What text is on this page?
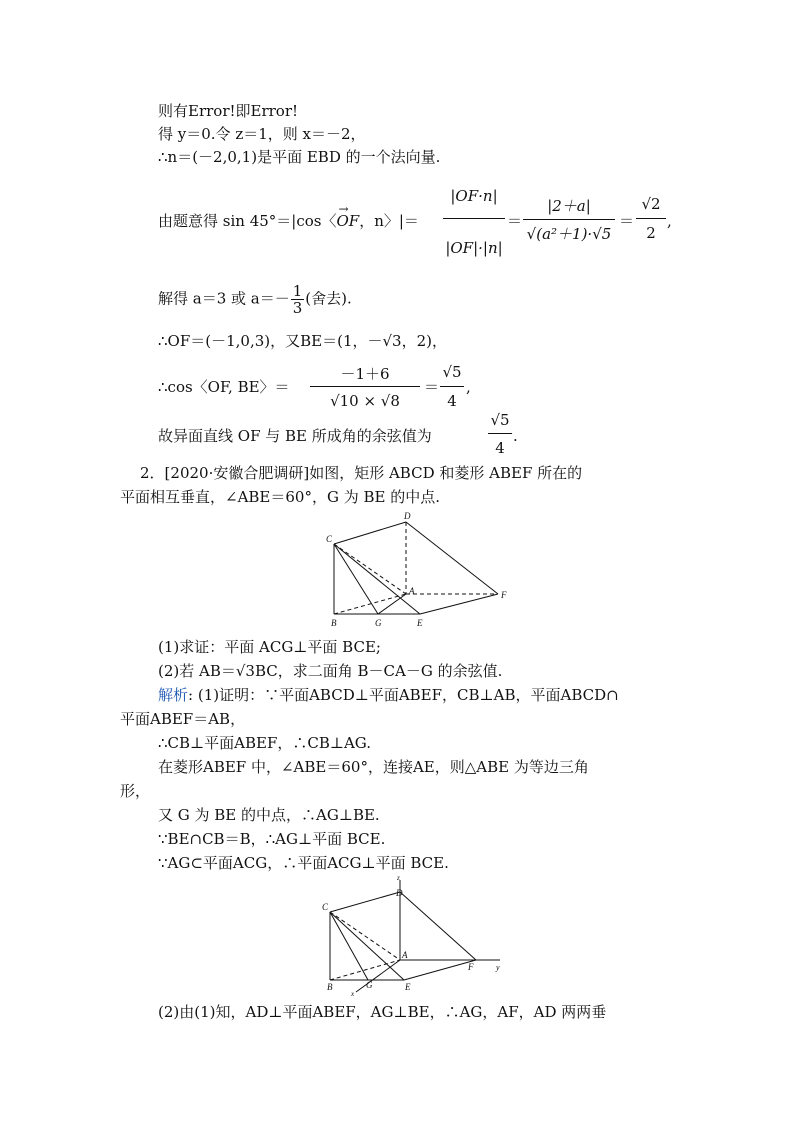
则有Error!即Error!
得 y＝0.令 z＝1，则 x＝－2，
∴n＝(－2,0,1)是平面 EBD 的一个法向量.
由题意得 sin 45°＝|cos〈
→
OF，n〉|＝
|OF·n|
|OF|·|n|
＝
|2＋a|
√(a²＋1)·√5
＝
√2
2
,
解得 a＝3 或 $a=- \frac{1}{3}$ (舍去).
∴OF＝(－1,0,3)，又BE＝(1，－√3，2)，
∴cos〈OF, BE〉＝
－1＋6
√10 × √8
＝
√5
4
,
故异面直线 OF 与 BE 所成角的余弦值为
√5
4
.
2．[2020·安徽合肥调研]如图，矩形 ABCD 和菱形 ABEF 所在的
平面相互垂直，∠ABE＝60°，G 为 BE 的中点.
C
D
A	F
B	G	E
(1)求证：平面 ACG⊥平面 BCE;
(2)若 AB＝√3BC，求二面角 B－CA－G 的余弦值.
解析: (1)证明：∵平面ABCD⊥平面ABEF，CB⊥AB，平面ABCD∩
平面ABEF＝AB，
∴CB⊥平面ABEF，∴CB⊥AG.
在菱形ABEF 中，∠ABE＝60°，连接AE，则△ABE 为等边三角
形，
又 G 为 BE 的中点，∴AG⊥BE.
∵BE∩CB＝B，∴AG⊥平面 BCE.
∵AG⊂平面ACG，∴平面ACG⊥平面 BCE.
C
D
z
A
F	y
B	G	E
x
(2)由(1)知，AD⊥平面ABEF，AG⊥BE，∴AG，AF，AD 两两垂
